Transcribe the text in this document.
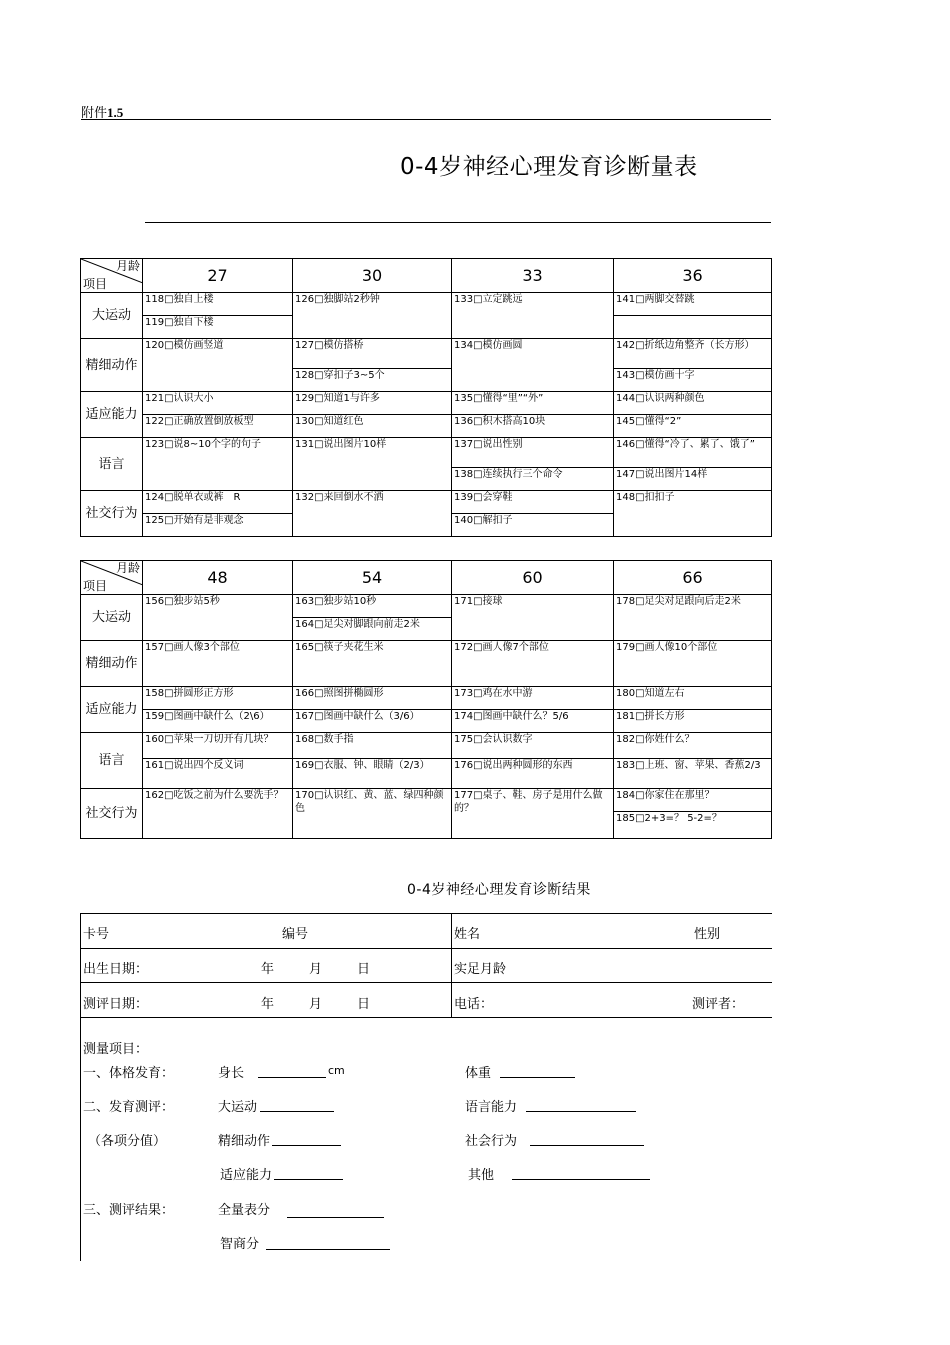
附件1.5
0-4岁神经心理发育诊断量表
月龄
项目	27	30	33	36
大运动	118□独自上楼	126□独脚站2秒钟	133□立定跳远	141□两脚交替跳
	119□独自下楼			
精细动作	120□模仿画竖道	127□模仿搭桥	134□模仿画圆	142□折纸边角整齐（长方形）
		128□穿扣子3~5个		143□模仿画十字
适应能力	121□认识大小	129□知道1与许多	135□懂得“里”“外”	144□认识两种颜色
	122□正确放置倒放板型	130□知道红色	136□积木搭高10块	145□懂得“2”
语言	123□说8~10个字的句子	131□说出图片10样	137□说出性别	146□懂得“冷了、累了、饿了”
			138□连续执行三个命令	147□说出图片14样
社交行为	124□脱单衣或裤　R	132□来回倒水不洒	139□会穿鞋	148□扣扣子
	125□开始有是非观念		140□解扣子	
月龄
项目	48	54	60	66
大运动	156□独步站5秒	163□独步站10秒	171□接球	178□足尖对足跟向后走2米
		164□足尖对脚跟向前走2米		
精细动作	157□画人像3个部位	165□筷子夹花生米	172□画人像7个部位	179□画人像10个部位
适应能力	158□拼圆形正方形	166□照图拼椭圆形	173□鸡在水中游	180□知道左右
	159□图画中缺什么（2\6）	167□图画中缺什么（3/6）	174□图画中缺什么？5/6	181□拼长方形
语言	160□苹果一刀切开有几块？	168□数手指	175□会认识数字	182□你姓什么？
	161□说出四个反义词	169□衣服、钟、眼睛（2/3）	176□说出两种圆形的东西	183□上班、窗、苹果、香蕉2/3
社交行为	162□吃饭之前为什么要洗手？	170□认识红、黄、蓝、绿四种颜色	177□桌子、鞋、房子是用什么做的？	184□你家住在那里？
				185□2+3=？ 5-2=？
0-4岁神经心理发育诊断结果
卡号	编号	姓名	性别
出生日期：	年	月	日	实足月龄
测评日期：	年	月	日	电话：	测评者：
测量项目：
一、体格发育：	身长	cm	体重
二、发育测评：	大运动	语言能力
（各项分值）	精细动作	社会行为
适应能力	其他
三、测评结果：	全量表分
智商分
